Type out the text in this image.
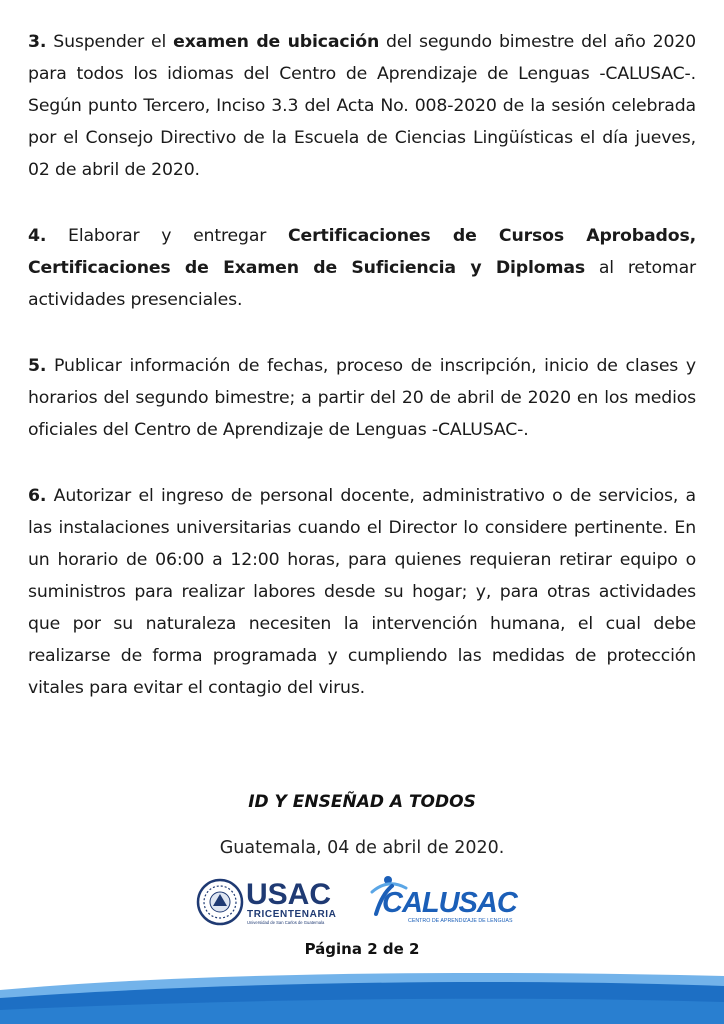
3. Suspender el examen de ubicación del segundo bimestre del año 2020 para todos los idiomas del Centro de Aprendizaje de Lenguas -CALUSAC-. Según punto Tercero, Inciso 3.3 del Acta No. 008-2020 de la sesión celebrada por el Consejo Directivo de la Escuela de Ciencias Lingüísticas el día jueves, 02 de abril de 2020.

4. Elaborar y entregar Certificaciones de Cursos Aprobados, Certificaciones de Examen de Suficiencia y Diplomas al retomar actividades presenciales.

5. Publicar información de fechas, proceso de inscripción, inicio de clases y horarios del segundo bimestre; a partir del 20 de abril de 2020 en los medios oficiales del Centro de Aprendizaje de Lenguas -CALUSAC-.

6. Autorizar el ingreso de personal docente, administrativo o de servicios, a las instalaciones universitarias cuando el Director lo considere pertinente. En un horario de 06:00 a 12:00 horas, para quienes requieran retirar equipo o suministros para realizar labores desde su hogar; y, para otras actividades que por su naturaleza necesiten la intervención humana, el cual debe realizarse de forma programada y cumpliendo las medidas de protección vitales para evitar el contagio del virus.

ID Y ENSEÑAD A TODOS
Guatemala, 04 de abril de 2020.
USAC
TRICENTENARIA
Universidad de San Carlos de Guatemala
CALUSAC
CENTRO DE APRENDIZAJE DE LENGUAS
Página 2 de 2
